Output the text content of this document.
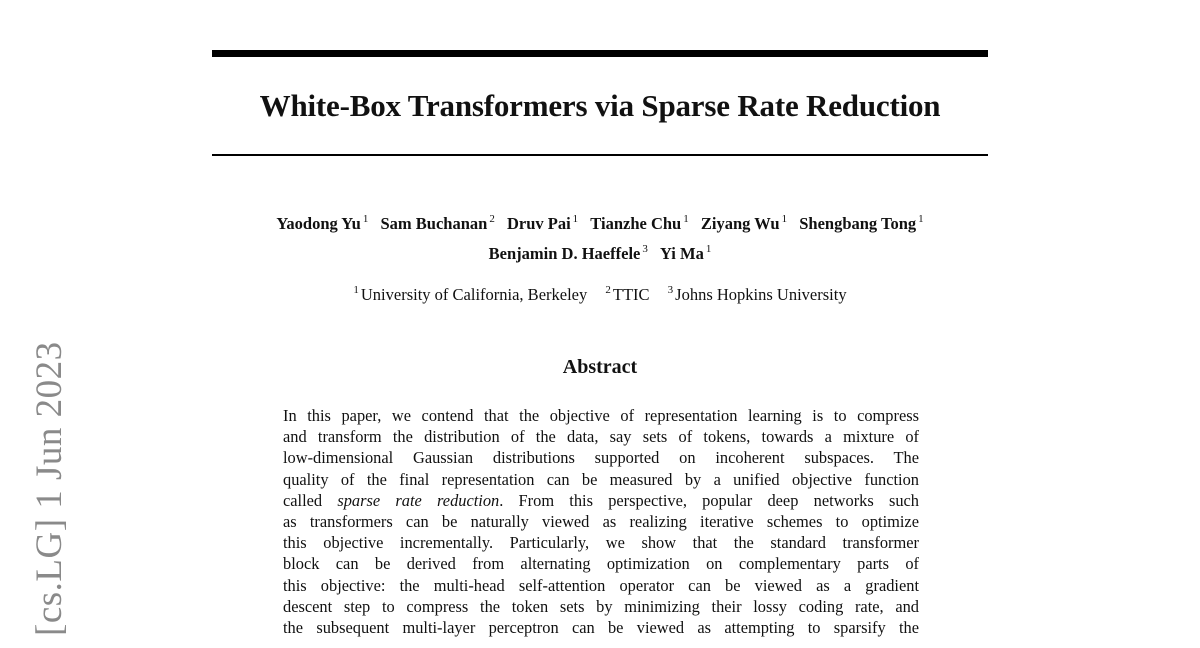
White-Box Transformers via Sparse Rate Reduction
Yaodong Yu $^1$ Sam Buchanan $^2$ Druv Pai $^1$ Tianzhe Chu $^1$ Ziyang Wu $^1$ Shengbang Tong $^1$
Benjamin D. Haeffele $^3$ Yi Ma $^1$
$^1$ University of California, Berkeley $^2$ TTIC $^3$ Johns Hopkins University
Abstract
In this paper, we contend that the objective of representation learning is to compress
and transform the distribution of the data, say sets of tokens, towards a mixture of
low-dimensional Gaussian distributions supported on incoherent subspaces. The
quality of the final representation can be measured by a unified objective function
called sparse rate reduction. From this perspective, popular deep networks such
as transformers can be naturally viewed as realizing iterative schemes to optimize
this objective incrementally. Particularly, we show that the standard transformer
block can be derived from alternating optimization on complementary parts of
this objective: the multi-head self-attention operator can be viewed as a gradient
descent step to compress the token sets by minimizing their lossy coding rate, and
the subsequent multi-layer perceptron can be viewed as attempting to sparsify the
[cs.LG] 1 Jun 2023
